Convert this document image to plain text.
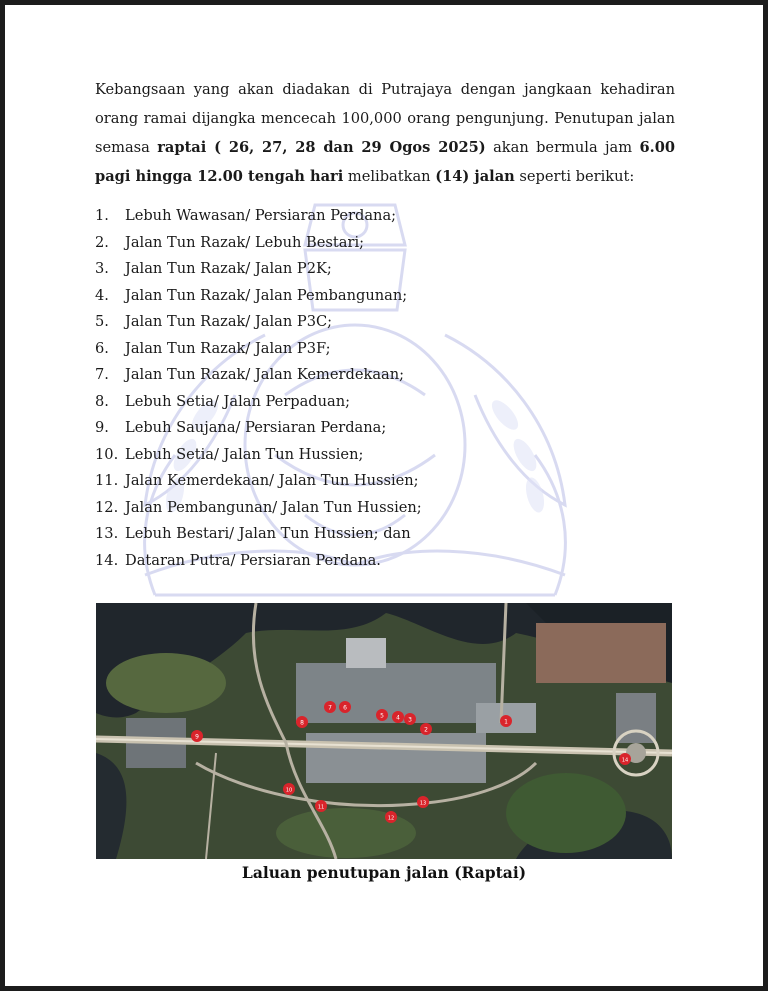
Kebangsaan yang akan diadakan di Putrajaya dengan jangkaan kehadiran orang ramai dijangka mencecah 100,000 orang pengunjung. Penutupan jalan semasa raptai ( 26, 27, 28 dan 29 Ogos 2025) akan bermula jam 6.00 pagi hingga 12.00 tengah hari melibatkan (14) jalan seperti berikut:

1. Lebuh Wawasan/ Persiaran Perdana;
2. Jalan Tun Razak/ Lebuh Bestari;
3. Jalan Tun Razak/ Jalan P2K;
4. Jalan Tun Razak/ Jalan Pembangunan;
5. Jalan Tun Razak/ Jalan P3C;
6. Jalan Tun Razak/ Jalan P3F;
7. Jalan Tun Razak/ Jalan Kemerdekaan;
8. Lebuh Setia/ Jalan Perpaduan;
9. Lebuh Saujana/ Persiaran Perdana;
10. Lebuh Setia/ Jalan Tun Hussien;
11. Jalan Kemerdekaan/ Jalan Tun Hussien;
12. Jalan Pembangunan/ Jalan Tun Hussien;
13. Lebuh Bestari/ Jalan Tun Hussien; dan
14. Dataran Putra/ Persiaran Perdana.
1
2
3
4
5
6
7
8
9
10
11
12
13
14
Laluan penutupan jalan (Raptai)
